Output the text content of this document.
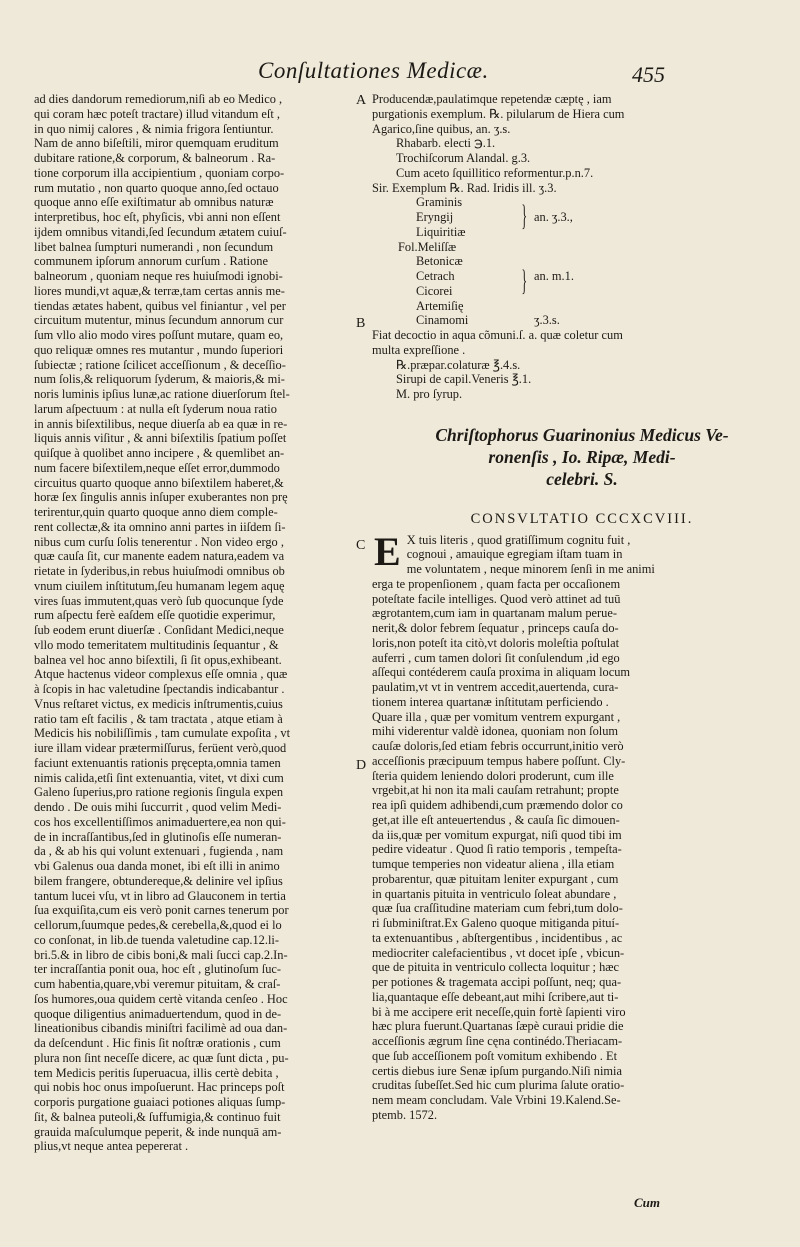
Conſultationes Medicæ.	455
ad dies dandorum remediorum,niſi ab eo Medico ,
qui coram hæc poteſt tractare) illud vitandum eſt ,
in quo nimij calores , & nimia frigora ſentiuntur.
Nam de anno biſeſtili, miror quemquam eruditum
dubitare ratione,& corporum, & balneorum . Ra-
tione corporum illa accipientium , quoniam corpo-
rum mutatio , non quarto quoque anno,ſed octauo
quoque anno eſſe exiſtimatur ab omnibus naturæ
interpretibus, hoc eſt, phyſicis, vbi anni non eſſent
ijdem omnibus vitandi,ſed ſecundum ætatem cuiuſ-
libet balnea ſumpturi numerandi , non ſecundum
communem ipſorum annorum curſum . Ratione
balneorum , quoniam neque res huiuſmodi ignobi-
liores mundi,vt aquæ,& terræ,tam certas annis me-
tiendas ætates habent, quibus vel finiantur , vel per
circuitum mutentur, minus ſecundum annorum cur
ſum vllo alio modo vires poſſunt mutare, quam eo,
quo reliquæ omnes res mutantur , mundo ſuperiori
ſubiectæ ; ratione ſcilicet acceſſionum , & deceſſio-
num ſolis,& reliquorum ſyderum, & maioris,& mi-
noris luminis ipſius lunæ,ac ratione diuerſorum ſtel-
larum aſpectuum : at nulla eſt ſyderum noua ratio
in annis biſextilibus, neque diuerſa ab ea quæ in re-
liquis annis viſitur , & anni biſextilis ſpatium poſſet
quiſque à quolibet anno incipere , & quemlibet an-
num facere biſextilem,neque eſſet error,dummodo
circuitus quarto quoque anno biſextilem haberet,&
horæ ſex ſingulis annis inſuper exuberantes non prę
terirentur,quin quarto quoque anno diem comple-
rent collectæ,& ita omnino anni partes in iiſdem ſi-
nibus cum curſu ſolis tenerentur . Non video ergo ,
quæ cauſa ſit, cur manente eadem natura,eadem va
rietate in ſyderibus,in rebus huiuſmodi omnibus ob
vnum ciuilem inſtitutum,ſeu humanam legem aquę
vires ſuas immutent,quas verò ſub quocunque ſyde
rum aſpectu ferè eaſdem eſſe quotidie experimur,
ſub eodem erunt diuerſæ . Conſidant Medici,neque
vllo modo temeritatem multitudinis ſequantur , &
balnea vel hoc anno biſextili, ſi ſit opus,exhibeant.
Atque hactenus videor complexus eſſe omnia , quæ
à ſcopis in hac valetudine ſpectandis indicabantur .
Vnus reſtaret victus, ex medicis inſtrumentis,cuius
ratio tam eſt facilis , & tam tractata , atque etiam à
Medicis his nobiliſſimis , tam cumulate expoſita , vt
iure illam videar prætermiſſurus, ferüent verò,quod
faciunt extenuantis rationis pręcepta,omnia tamen
nimis calida,etſi ſint extenuantia, vitet, vt dixi cum
Galeno ſuperius,pro ratione regionis ſingula expen
dendo . De ouis mihi ſuccurrit , quod velim Medi-
cos hos excellentiſſimos animaduertere,ea non qui-
de in incraſſantibus,ſed in glutinoſis eſſe numeran-
da , & ab his qui volunt extenuari , fugienda , nam
vbi Galenus oua danda monet, ibi eſt illi in animo
bilem frangere, obtundereque,& delinire vel ipſius
tantum lucei vſu, vt in libro ad Glauconem in tertia
ſua exquiſita,cum eis verò ponit carnes tenerum por
cellorum,ſuumque pedes,& cerebella,&,quod ei lo
co conſonat, in lib.de tuenda valetudine cap.12.li-
bri.5.& in libro de cibis boni,& mali ſucci cap.2.In-
ter incraſſantia ponit oua, hoc eſt , glutinoſum ſuc-
cum habentia,quare,vbi veremur pituitam, & craſ-
ſos humores,oua quidem certè vitanda cenſeo . Hoc
quoque diligentius animaduertendum, quod in de-
lineationibus cibandis miniſtri facilimè ad oua dan-
da deſcendunt . Hic finis ſit noſtræ orationis , cum
plura non ſint neceſſe dicere, ac quæ ſunt dicta , pu-
tem Medicis peritis ſuperuacua, illis certè debita ,
qui nobis hoc onus impoſuerunt. Hac princeps poſt
corporis purgatione guaiaci potiones aliquas ſump-
ſit, & balnea puteoli,& ſuffumigia,& continuo fuit
grauida maſculumque peperit, & inde nunquā am-
plius,vt neque antea pepererat .
A
B
C
D
Producendæ,paulatimque repetendæ cæptę , iam
purgationis exemplum. ℞. pilularum de Hiera cum
Agarico,ſine quibus, an. ʒ.s.
Rhabarb. electi ℈.1.
Trochiſcorum Alandal. g.3.
Cum aceto ſquillitico reformentur.p.n.7.
Sir. Exemplum ℞. Rad. Iridis ill. ʒ.3.
Graminis
Eryngij
Liquiritiæ	} an. ʒ.3.,
Fol.Meliſſæ
Betonicæ
Cetrach
Cicorei
Artemiſię
} an. m.1.
Cinamomi	ʒ.3.s.
Fiat decoctio in aqua cõmuni.ſ. a. quæ coletur cum
multa expreſſione .
℞.præpar.colaturæ ℥.4.s.
Sirupi de capil.Veneris ℥.1.
M. pro ſyrup.
Chriſtophorus Guarinonius Medicus Ve-
ronenſis , Io. Ripæ, Medi-
celebri. S.
CONSVLTATIO CCCXCVIII.
E X tuis literis , quod gratiſſimum cognitu fuit ,
cognoui , amauique egregiam iſtam tuam in
me voluntatem , neque minorem ſenſi in me animi
erga te propenſionem , quam facta per occaſionem
poteſtate facile intelliges. Quod verò attinet ad tuū
ægrotantem,cum iam in quartanam malum perue-
nerit,& dolor febrem ſequatur , princeps cauſa do-
loris,non poteſt ita citò,vt doloris moleſtia poſtulat
auferri , cum tamen dolori ſit conſulendum ,id ego
aſſequi contéderem cauſa proxima in aliquam locum
paulatim,vt vt in ventrem accedit,auertenda, cura-
tionem interea quartanæ inſtitutam perficiendo .
Quare illa , quæ per vomitum ventrem expurgant ,
mihi viderentur valdè idonea, quoniam non ſolum
cauſæ doloris,ſed etiam febris occurrunt,initio verò
acceſſionis præcipuum tempus habere poſſunt. Cly-
ſteria quidem leniendo dolori proderunt, cum ille
vrgebit,at hi non ita mali cauſam retrahunt; propte
rea ipſi quidem adhibendi,cum præmendo dolor co
get,at ille eſt anteuertendus , & cauſa ſic dimouen-
da iis,quæ per vomitum expurgat, niſi quod tibi im
pedire videatur . Quod ſi ratio temporis , tempeſta-
tumque temperies non videatur aliena , illa etiam
probarentur, quæ pituitam leniter expurgant , cum
in quartanis pituita in ventriculo ſoleat abundare ,
quæ ſua craſſitudine materiam cum febri,tum dolo-
ri ſubminiſtrat.Ex Galeno quoque mitiganda pituí-
ta extenuantibus , abſtergentibus , incidentibus , ac
mediocriter calefacientibus , vt docet ipſe , vbicun-
que de pituita in ventriculo collecta loquitur ; hæc
per potiones & tragemata accipi poſſunt, neq; qua-
lia,quantaque eſſe debeant,aut mihi ſcribere,aut ti-
bi à me accipere erit neceſſe,quin fortè ſapienti viro
hæc plura fuerunt.Quartanas ſæpè curaui pridie die
acceſſionis ægrum ſine cęna continédo.Theriacam-
que ſub acceſſionem poſt vomitum exhibendo . Et
certis diebus iure Senæ ipſum purgando.Niſi nimia
cruditas ſubeſſet.Sed hic cum plurima ſalute oratio-
nem meam concludam. Vale Vrbini 19.Kalend.Se-
ptemb. 1572.
Cum
